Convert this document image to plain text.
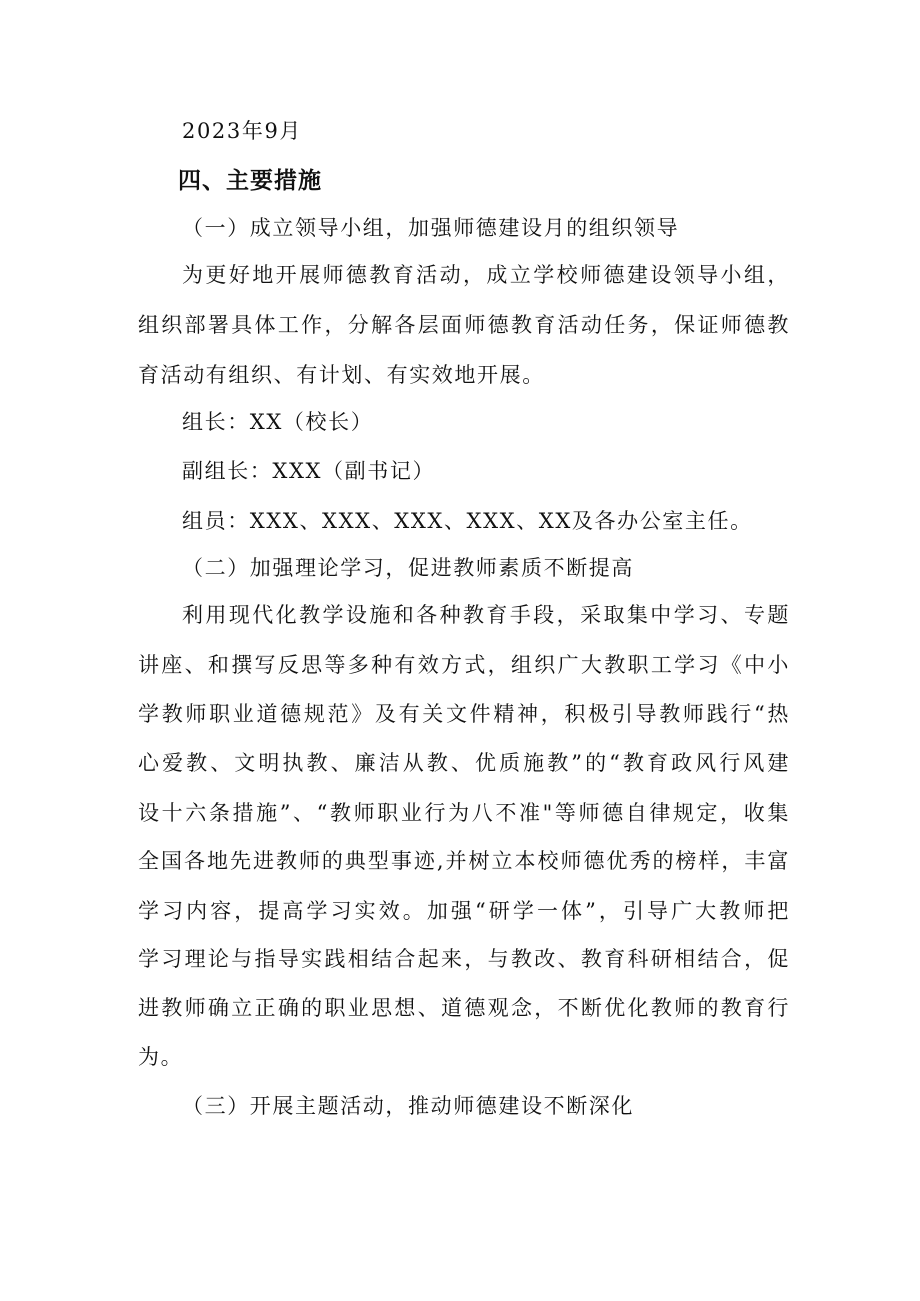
2023年9月
四、主要措施
（一）成立领导小组，加强师德建设月的组织领导
为更好地开展师德教育活动，成立学校师德建设领导小组，
组织部署具体工作，分解各层面师德教育活动任务，保证师德教
育活动有组织、有计划、有实效地开展。
组长：XX（校长）
副组长：XXX（副书记）
组员：XXX、XXX、XXX、XXX、XX及各办公室主任。
（二）加强理论学习，促进教师素质不断提高
利用现代化教学设施和各种教育手段，采取集中学习、专题
讲座、和撰写反思等多种有效方式，组织广大教职工学习《中小
学教师职业道德规范》及有关文件精神，积极引导教师践行“热
心爱教、文明执教、廉洁从教、优质施教”的“教育政风行风建
设十六条措施”、“教师职业行为八不准"等师德自律规定，收集
全国各地先进教师的典型事迹,并树立本校师德优秀的榜样，丰富
学习内容，提高学习实效。加强“研学一体”，引导广大教师把
学习理论与指导实践相结合起来，与教改、教育科研相结合，促
进教师确立正确的职业思想、道德观念，不断优化教师的教育行
为。
（三）开展主题活动，推动师德建设不断深化
